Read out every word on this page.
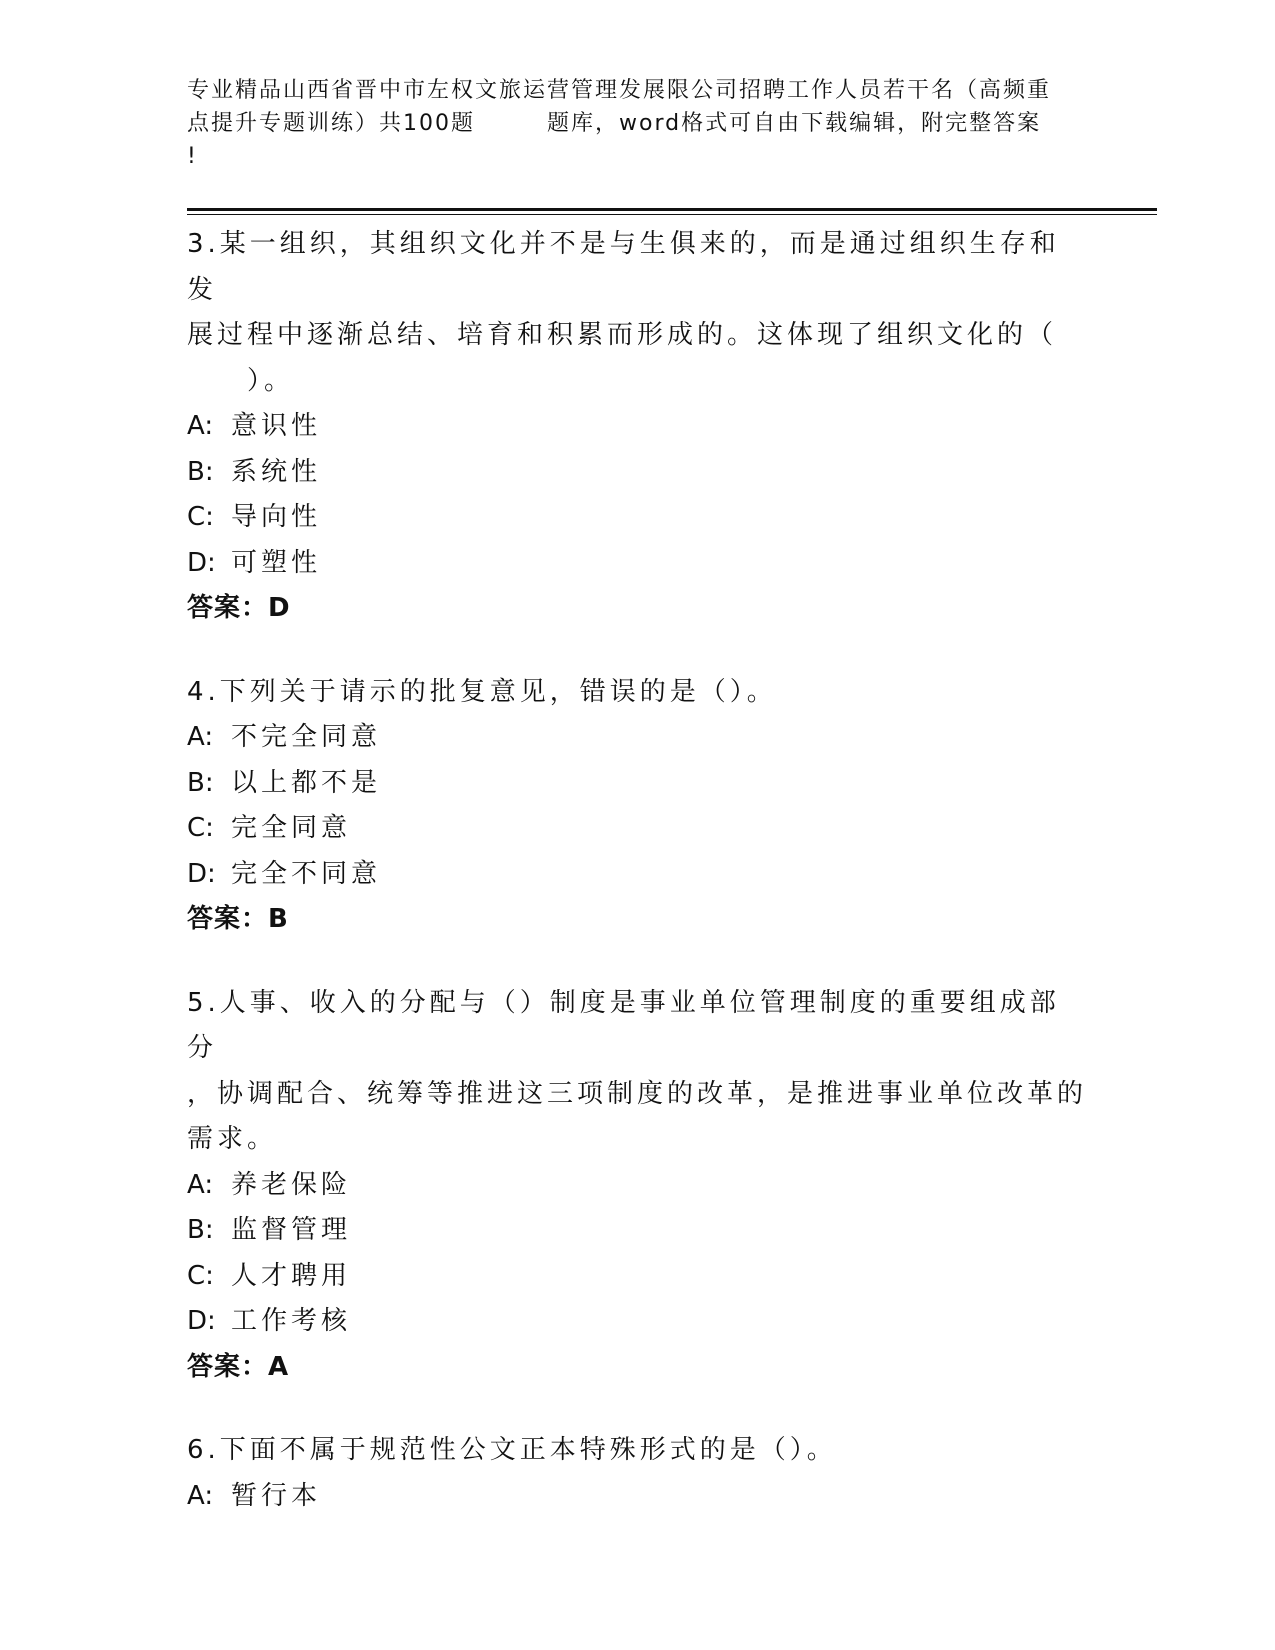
专业精品山西省晋中市左权文旅运营管理发展限公司招聘工作人员若干名（高频重
点提升专题训练）共100题	题库，word格式可自由下载编辑，附完整答案
!

3.某一组织，其组织文化并不是与生俱来的，而是通过组织生存和发

展过程中逐渐总结、培育和积累而形成的。这体现了组织文化的（

）。

A: 意识性

B: 系统性

C: 导向性

D: 可塑性

答案：D

4.下列关于请示的批复意见，错误的是（）。

A: 不完全同意

B: 以上都不是

C: 完全同意

D: 完全不同意

答案：B

5.人事、收入的分配与（）制度是事业单位管理制度的重要组成部分

，协调配合、统筹等推进这三项制度的改革，是推进事业单位改革的

需求。

A: 养老保险

B: 监督管理

C: 人才聘用

D: 工作考核

答案：A

6.下面不属于规范性公文正本特殊形式的是（）。

A: 暂行本
